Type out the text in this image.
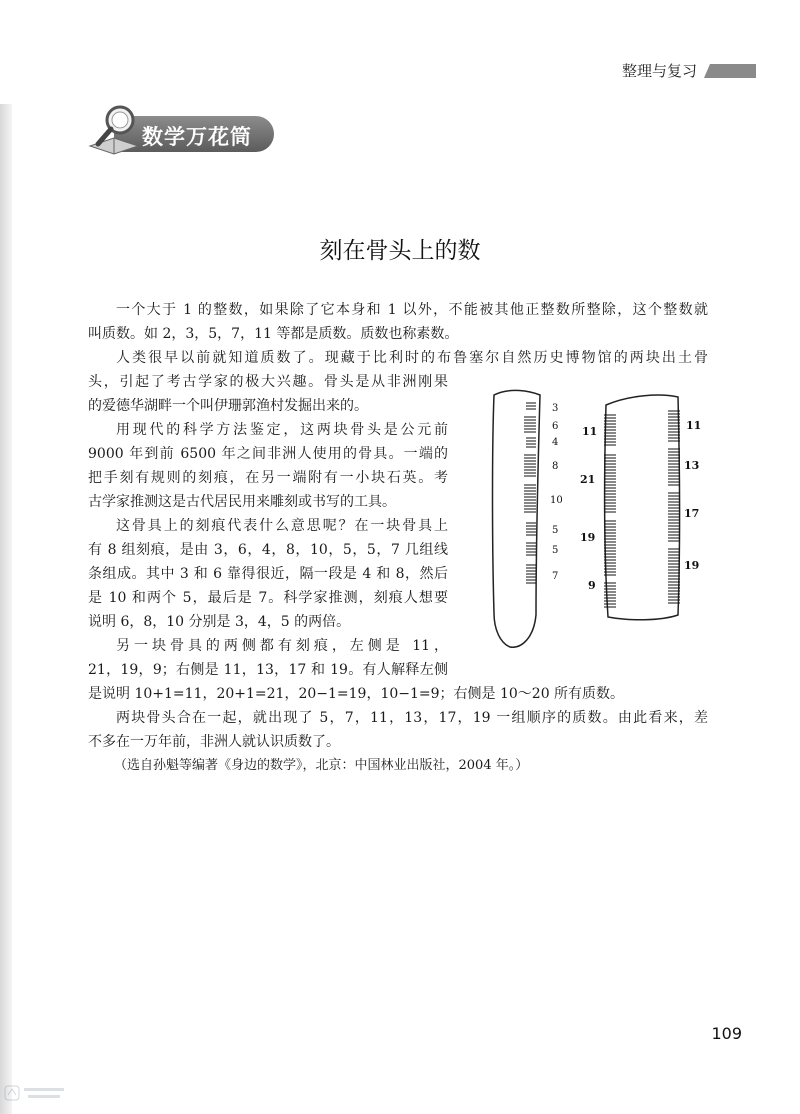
整理与复习
数学万花筒
刻在骨头上的数
一个大于 1 的整数，如果除了它本身和 1 以外，不能被其他正整数所整除，这个整数就
叫质数。如 2，3，5，7，11 等都是质数。质数也称素数。
人类很早以前就知道质数了。现藏于比利时的布鲁塞尔自然历史博物馆的两块出土骨
头，引起了考古学家的极大兴趣。骨头是从非洲刚果
的爱德华湖畔一个叫伊珊郭渔村发掘出来的。
用现代的科学方法鉴定，这两块骨头是公元前
9000 年到前 6500 年之间非洲人使用的骨具。一端的
把手刻有规则的刻痕，在另一端附有一小块石英。考
古学家推测这是古代居民用来雕刻或书写的工具。
这骨具上的刻痕代表什么意思呢？在一块骨具上
有 8 组刻痕，是由 3，6，4，8，10，5，5，7 几组线
条组成。其中 3 和 6 靠得很近，隔一段是 4 和 8，然后
是 10 和两个 5，最后是 7。科学家推测，刻痕人想要
说明 6，8，10 分别是 3，4，5 的两倍。
另一块骨具的两侧都有刻痕，左侧是 11，
21，19，9；右侧是 11，13，17 和 19。有人解释左侧
是说明 10+1=11，20+1=21，20−1=19，10−1=9；右侧是 10～20 所有质数。
两块骨头合在一起，就出现了 5，7，11，13，17，19 一组顺序的质数。由此看来，差
不多在一万年前，非洲人就认识质数了。
（选自孙魁等编著《身边的数学》，北京：中国林业出版社，2004 年。）
3
6
4
8
10
5
5
7
11
21
19
9
11
13
17
19
109
